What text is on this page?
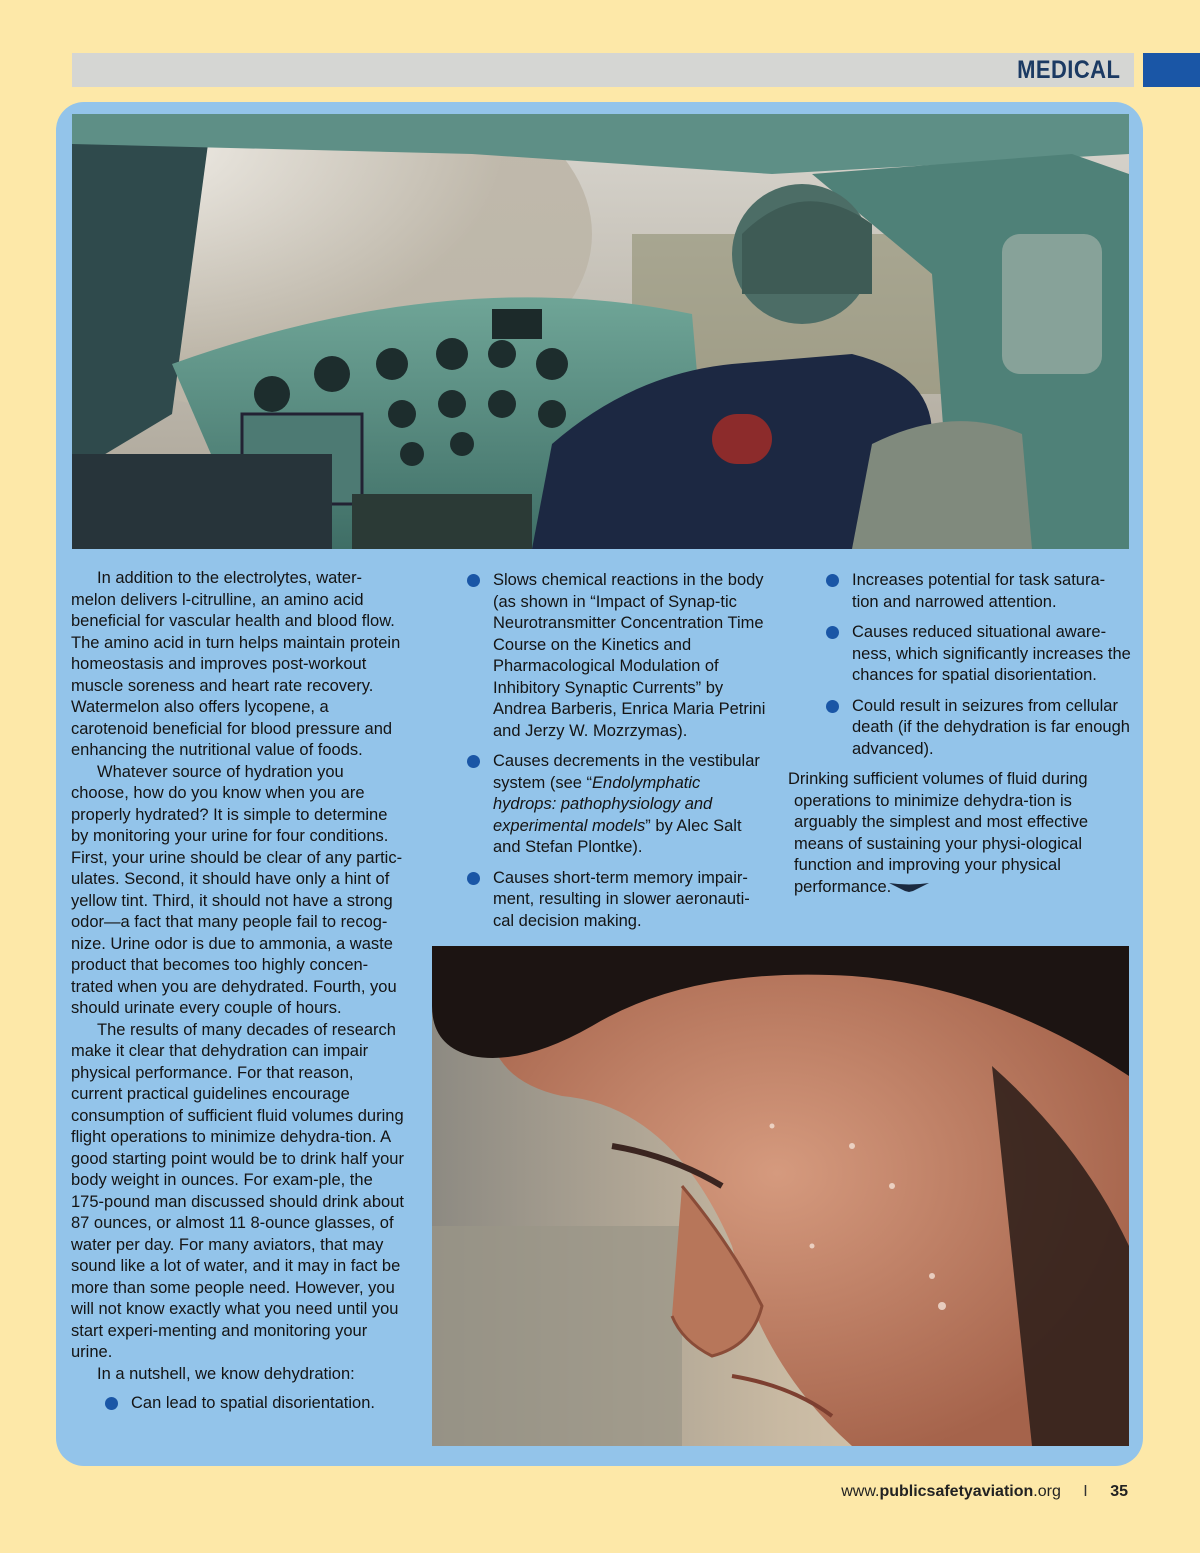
MEDICAL

In addition to the electrolytes, water-melon delivers l-citrulline, an amino acid beneficial for vascular health and blood flow. The amino acid in turn helps maintain protein homeostasis and improves post-workout muscle soreness and heart rate recovery. Watermelon also offers lycopene, a carotenoid beneficial for blood pressure and enhancing the nutritional value of foods.

Whatever source of hydration you choose, how do you know when you are properly hydrated? It is simple to determine by monitoring your urine for four conditions. First, your urine should be clear of any partic-ulates. Second, it should have only a hint of yellow tint. Third, it should not have a strong odor—a fact that many people fail to recog-nize. Urine odor is due to ammonia, a waste product that becomes too highly concen-trated when you are dehydrated. Fourth, you should urinate every couple of hours.

The results of many decades of research make it clear that dehydration can impair physical performance. For that reason, current practical guidelines encourage consumption of sufficient fluid volumes during flight operations to minimize dehydra-tion. A good starting point would be to drink half your body weight in ounces. For exam-ple, the 175-pound man discussed should drink about 87 ounces, or almost 11 8-ounce glasses, of water per day. For many aviators, that may sound like a lot of water, and it may in fact be more than some people need. However, you will not know exactly what you need until you start experi-menting and monitoring your urine.

In a nutshell, we know dehydration:

Can lead to spatial disorientation.
Slows chemical reactions in the body (as shown in “Impact of Synap-tic Neurotransmitter Concentration Time Course on the Kinetics and Pharmacological Modulation of Inhibitory Synaptic Currents” by Andrea Barberis, Enrica Maria Petrini and Jerzy W. Mozrzymas).
Causes decrements in the vestibular system (see “Endolymphatic hydrops: pathophysiology and experimental models” by Alec Salt and Stefan Plontke).
Causes short-term memory impair-ment, resulting in slower aeronauti-cal decision making.
Increases potential for task satura-tion and narrowed attention.
Causes reduced situational aware-ness, which significantly increases the chances for spatial disorientation.
Could result in seizures from cellular death (if the dehydration is far enough advanced).

Drinking sufficient volumes of fluid during operations to minimize dehydra-tion is arguably the simplest and most effective means of sustaining your physi-ological function and improving your physical performance.

www.publicsafetyaviation.org I 35
